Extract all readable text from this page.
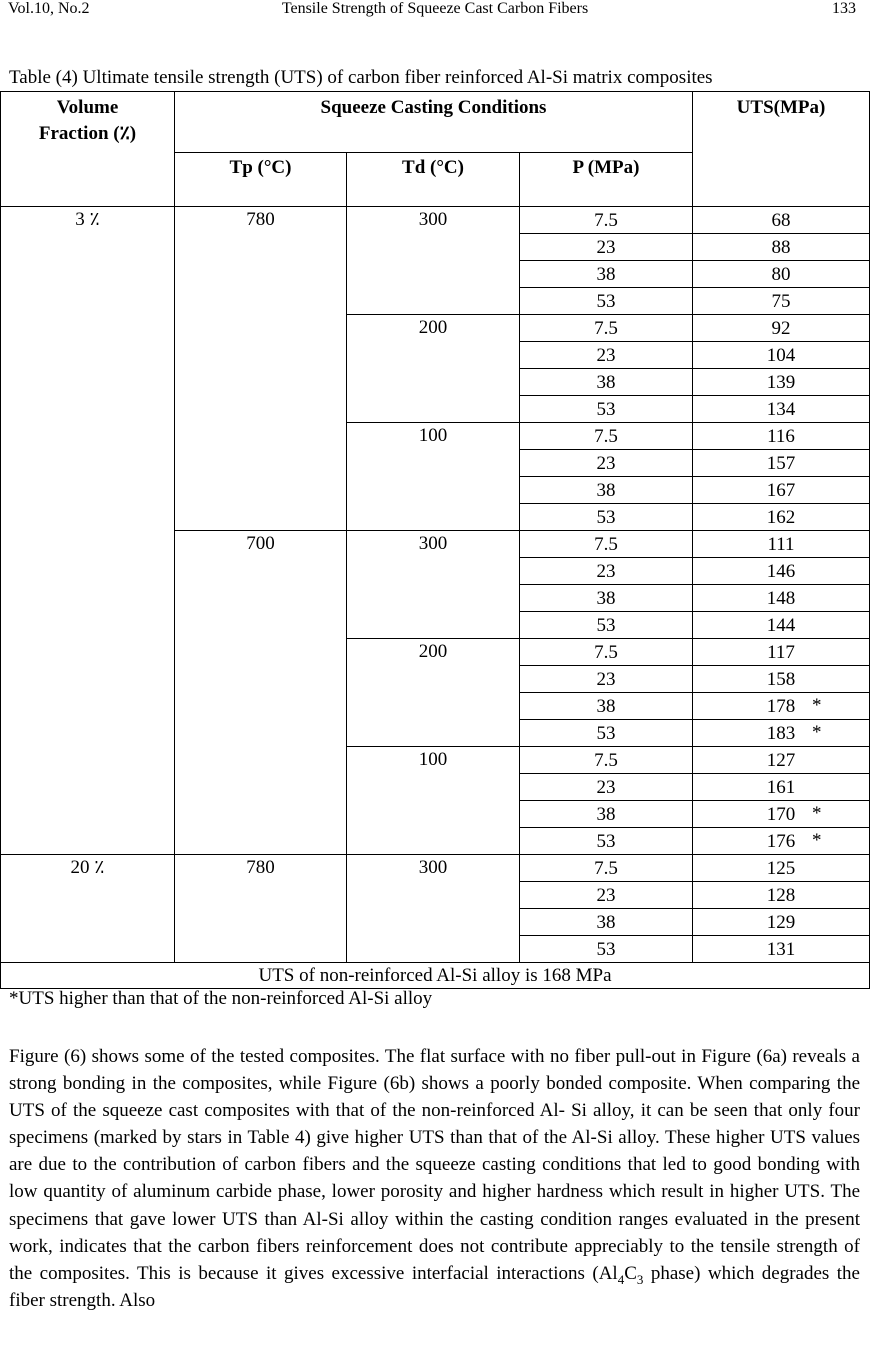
Vol.10, No.2	Tensile Strength of Squeeze Cast Carbon Fibers	133
Table (4) Ultimate tensile strength (UTS) of carbon fiber reinforced Al-Si matrix composites
Volume
Fraction (٪)	Squeeze Casting Conditions			UTS(MPa)
	Tp (°C)	Td (°C)	P (MPa)	
3 ٪	780	300	7.5	68
			23	88
			38	80
			53	75
		200	7.5	92
			23	104
			38	139
			53	134
		100	7.5	116
			23	157
			38	167
			53	162
	700	300	7.5	111
			23	146
			38	148
			53	144
		200	7.5	117
			23	158
			38	178 *

			53	183 *

		100	7.5	127
			23	161
			38	170 *

			53	176 *

20 ٪	780	300	7.5	125
			23	128
			38	129
			53	131
UTS of non-reinforced Al-Si alloy is 168 MPa				
*UTS higher than that of the non-reinforced Al-Si alloy

Figure (6) shows some of the tested composites. The flat surface with no fiber pull-out in Figure (6a) reveals a strong bonding in the composites, while Figure (6b) shows a poorly bonded composite. When comparing the UTS of the squeeze cast composites with that of the non-reinforced Al- Si alloy, it can be seen that only four specimens (marked by stars in Table 4) give higher UTS than that of the Al-Si alloy. These higher UTS values are due to the contribution of carbon fibers and the squeeze casting conditions that led to good bonding with low quantity of aluminum carbide phase, lower porosity and higher hardness which result in higher UTS. The specimens that gave lower UTS than Al-Si alloy within the casting condition ranges evaluated in the present work, indicates that the carbon fibers reinforcement does not contribute appreciably to the tensile strength of the composites. This is because it gives excessive interfacial interactions ($Al_4C_3$ phase) which degrades the fiber strength. Also
